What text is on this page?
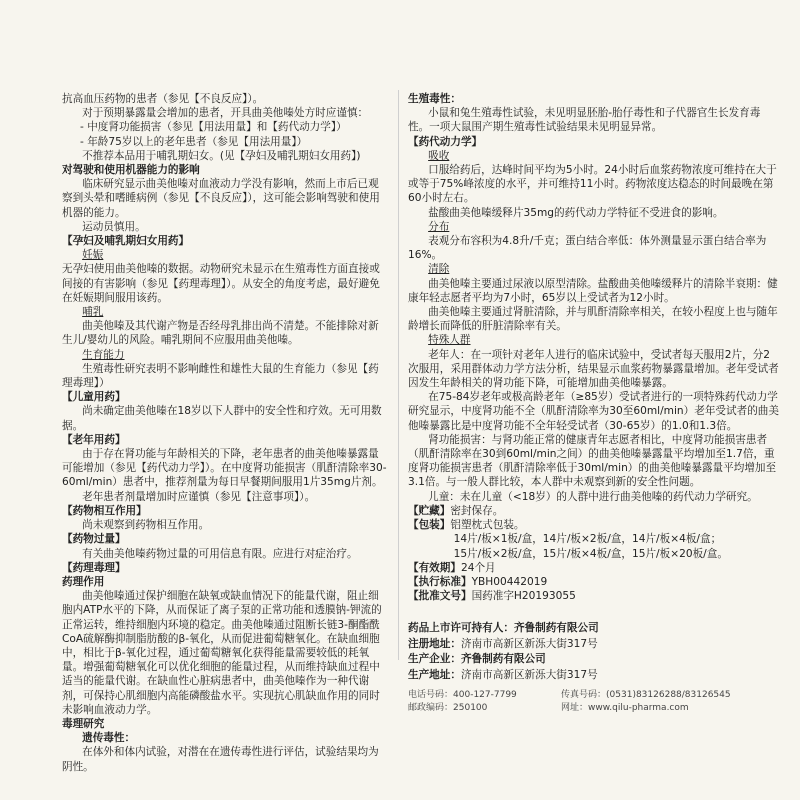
抗高血压药物的患者（参见【不良反应】）。

对于预期暴露量会增加的患者，开具曲美他嗪处方时应谨慎：

- 中度肾功能损害（参见【用法用量】和【药代动力学】）

- 年龄75岁以上的老年患者（参见【用法用量】）

不推荐本品用于哺乳期妇女。(见【孕妇及哺乳期妇女用药】)

对驾驶和使用机器能力的影响

临床研究显示曲美他嗪对血液动力学没有影响，然而上市后已观察到头晕和嗜睡病例（参见【不良反应】），这可能会影响驾驶和使用机器的能力。

运动员慎用。

【孕妇及哺乳期妇女用药】

妊娠

无孕妇使用曲美他嗪的数据。动物研究未显示在生殖毒性方面直接或间接的有害影响（参见【药理毒理】）。从安全的角度考虑，最好避免在妊娠期间服用该药。

哺乳

曲美他嗪及其代谢产物是否经母乳排出尚不清楚。不能排除对新生儿/婴幼儿的风险。哺乳期间不应服用曲美他嗪。

生育能力

生殖毒性研究表明不影响雌性和雄性大鼠的生育能力（参见【药理毒理】）

【儿童用药】

尚未确定曲美他嗪在18岁以下人群中的安全性和疗效。无可用数据。

【老年用药】

由于存在肾功能与年龄相关的下降，老年患者的曲美他嗪暴露量可能增加（参见【药代动力学】）。在中度肾功能损害（肌酐清除率30-60ml/min）患者中，推荐剂量为每日早餐期间服用1片35mg片剂。

老年患者剂量增加时应谨慎（参见【注意事项】）。

【药物相互作用】

尚未观察到药物相互作用。

【药物过量】

有关曲美他嗪药物过量的可用信息有限。应进行对症治疗。

【药理毒理】

药理作用

曲美他嗪通过保护细胞在缺氧或缺血情况下的能量代谢，阻止细胞内ATP水平的下降，从而保证了离子泵的正常功能和透膜钠-钾流的正常运转，维持细胞内环境的稳定。曲美他嗪通过阻断长链3-酮酯酰CoA硫解酶抑制脂肪酸的β-氧化，从而促进葡萄糖氧化。在缺血细胞中，相比于β-氧化过程，通过葡萄糖氧化获得能量需要较低的耗氧量。增强葡萄糖氧化可以优化细胞的能量过程，从而维持缺血过程中适当的能量代谢。在缺血性心脏病患者中，曲美他嗪作为一种代谢剂，可保持心肌细胞内高能磷酸盐水平。实现抗心肌缺血作用的同时未影响血液动力学。

毒理研究

遗传毒性：

在体外和体内试验，对潜在在遗传毒性进行评估，试验结果均为阴性。

生殖毒性：

小鼠和兔生殖毒性试验，未见明显胚胎-胎仔毒性和子代器官生长发育毒性。一项大鼠围产期生殖毒性试验结果未见明显异常。

【药代动力学】

吸收

口服给药后，达峰时间平均为5小时。24小时后血浆药物浓度可维持在大于或等于75%峰浓度的水平，并可维持11小时。药物浓度达稳态的时间最晚在第60小时左右。

盐酸曲美他嗪缓释片35mg的药代动力学特征不受进食的影响。

分布

表观分布容积为4.8升/千克；蛋白结合率低：体外测量显示蛋白结合率为16%。

清除

曲美他嗪主要通过尿液以原型清除。盐酸曲美他嗪缓释片的清除半衰期：健康年轻志愿者平均为7小时，65岁以上受试者为12小时。

曲美他嗪主要通过肾脏清除，并与肌酐清除率相关，在较小程度上也与随年龄增长而降低的肝脏清除率有关。

特殊人群

老年人：在一项针对老年人进行的临床试验中，受试者每天服用2片，分2次服用，采用群体动力学方法分析，结果显示血浆药物暴露量增加。老年受试者因发生年龄相关的肾功能下降，可能增加曲美他嗪暴露。

在75-84岁老年或极高龄老年（≥85岁）受试者进行的一项特殊药代动力学研究显示，中度肾功能不全（肌酐清除率为30至60ml/min）老年受试者的曲美他嗪暴露比是中度肾功能不全年轻受试者（30-65岁）的1.0和1.3倍。

肾功能损害：与肾功能正常的健康青年志愿者相比，中度肾功能损害患者（肌酐清除率在30到60ml/min之间）的曲美他嗪暴露量平均增加至1.7倍，重度肾功能损害患者（肌酐清除率低于30ml/min）的曲美他嗪暴露量平均增加至3.1倍。与一般人群比较，本人群中未观察到新的安全性问题。

儿童：未在儿童（<18岁）的人群中进行曲美他嗪的药代动力学研究。

【贮藏】 密封保存。
【包装】 铝塑枕式包装。

14片/板×1板/盒，14片/板×2板/盒，14片/板×4板/盒；

15片/板×2板/盒，15片/板×4板/盒，15片/板×20板/盒。

【有效期】 24个月
【执行标准】 YBH00442019
【批准文号】 国药准字H20193055

药品上市许可持有人：齐鲁制药有限公司

注册地址：济南市高新区新泺大街317号

生产企业：齐鲁制药有限公司

生产地址：济南市高新区新泺大街317号

电话号码： 400-127-7799	传真号码： (0531)83126288/83126545
邮政编码： 250100	网址： www.qilu-pharma.com
